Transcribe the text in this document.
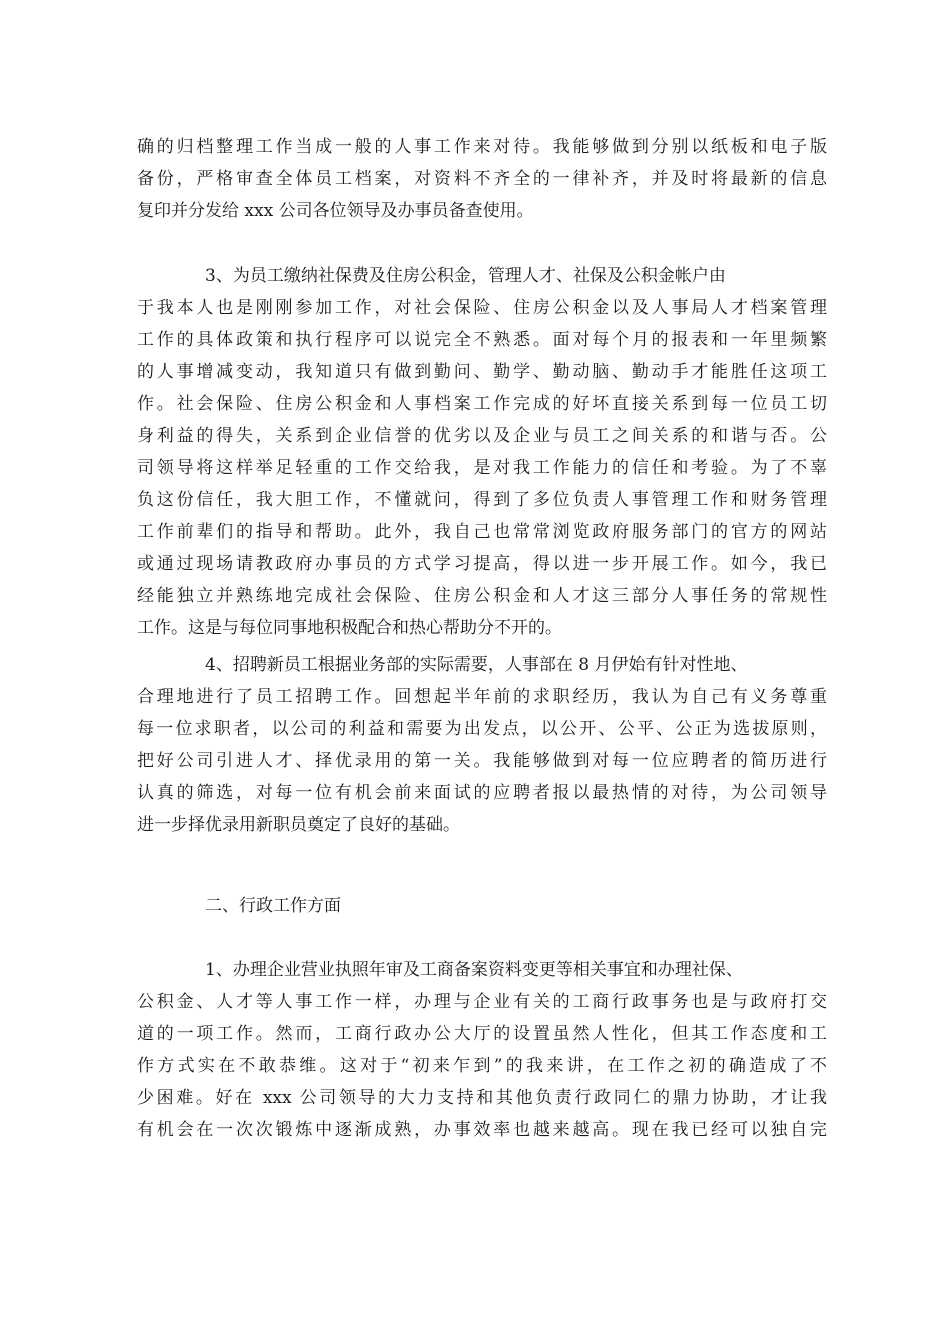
确的归档整理工作当成一般的人事工作来对待。我能够做到分别以纸板和电子版
备份，严格审查全体员工档案，对资料不齐全的一律补齐，并及时将最新的信息
复印并分发给 xxx 公司各位领导及办事员备查使用。
3、为员工缴纳社保费及住房公积金，管理人才、社保及公积金帐户由
于我本人也是刚刚参加工作，对社会保险、住房公积金以及人事局人才档案管理
工作的具体政策和执行程序可以说完全不熟悉。面对每个月的报表和一年里频繁
的人事增减变动，我知道只有做到勤问、勤学、勤动脑、勤动手才能胜任这项工
作。社会保险、住房公积金和人事档案工作完成的好坏直接关系到每一位员工切
身利益的得失，关系到企业信誉的优劣以及企业与员工之间关系的和谐与否。公
司领导将这样举足轻重的工作交给我，是对我工作能力的信任和考验。为了不辜
负这份信任，我大胆工作，不懂就问，得到了多位负责人事管理工作和财务管理
工作前辈们的指导和帮助。此外，我自己也常常浏览政府服务部门的官方的网站
或通过现场请教政府办事员的方式学习提高，得以进一步开展工作。如今，我已
经能独立并熟练地完成社会保险、住房公积金和人才这三部分人事任务的常规性
工作。这是与每位同事地积极配合和热心帮助分不开的。
4、招聘新员工根据业务部的实际需要，人事部在 8 月伊始有针对性地、
合理地进行了员工招聘工作。回想起半年前的求职经历，我认为自己有义务尊重
每一位求职者，以公司的利益和需要为出发点，以公开、公平、公正为选拔原则，
把好公司引进人才、择优录用的第一关。我能够做到对每一位应聘者的简历进行
认真的筛选，对每一位有机会前来面试的应聘者报以最热情的对待，为公司领导
进一步择优录用新职员奠定了良好的基础。
二、行政工作方面
1、办理企业营业执照年审及工商备案资料变更等相关事宜和办理社保、
公积金、人才等人事工作一样，办理与企业有关的工商行政事务也是与政府打交
道的一项工作。然而，工商行政办公大厅的设置虽然人性化，但其工作态度和工
作方式实在不敢恭维。这对于“初来乍到”的我来讲，在工作之初的确造成了不
少困难。好在 xxx 公司领导的大力支持和其他负责行政同仁的鼎力协助，才让我
有机会在一次次锻炼中逐渐成熟，办事效率也越来越高。现在我已经可以独自完
